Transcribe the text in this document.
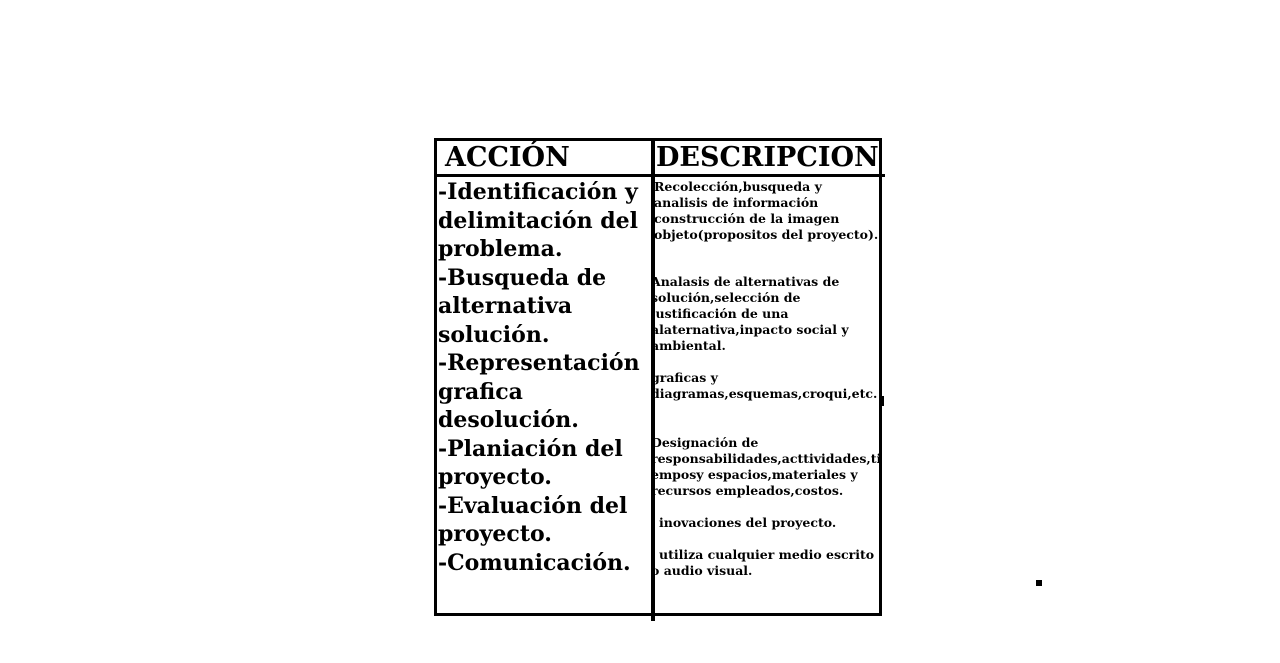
ACCIÓN	DESCRIPCION
-Identificación y delimitación del problema.
-Busqueda de alternativa solución.
-Representación grafica desolución.
-Planiación del proyecto.
-Evaluación del proyecto.
-Comunicación.
Recolección,busqueda y
analisis de información
construcción de la imagen
objeto(propositos del proyecto).
Analasis de alternativas de
solución,selección de
justificación de una
alaternativa,inpacto social y
ambiental.
graficas y
diagramas,esquemas,croqui,etc.
Designación de
responsabilidades,acttividades,ti
emposy espacios,materiales y
recursos empleados,costos.
inovaciones del proyecto.
utiliza cualquier medio escrito
o audio visual.
